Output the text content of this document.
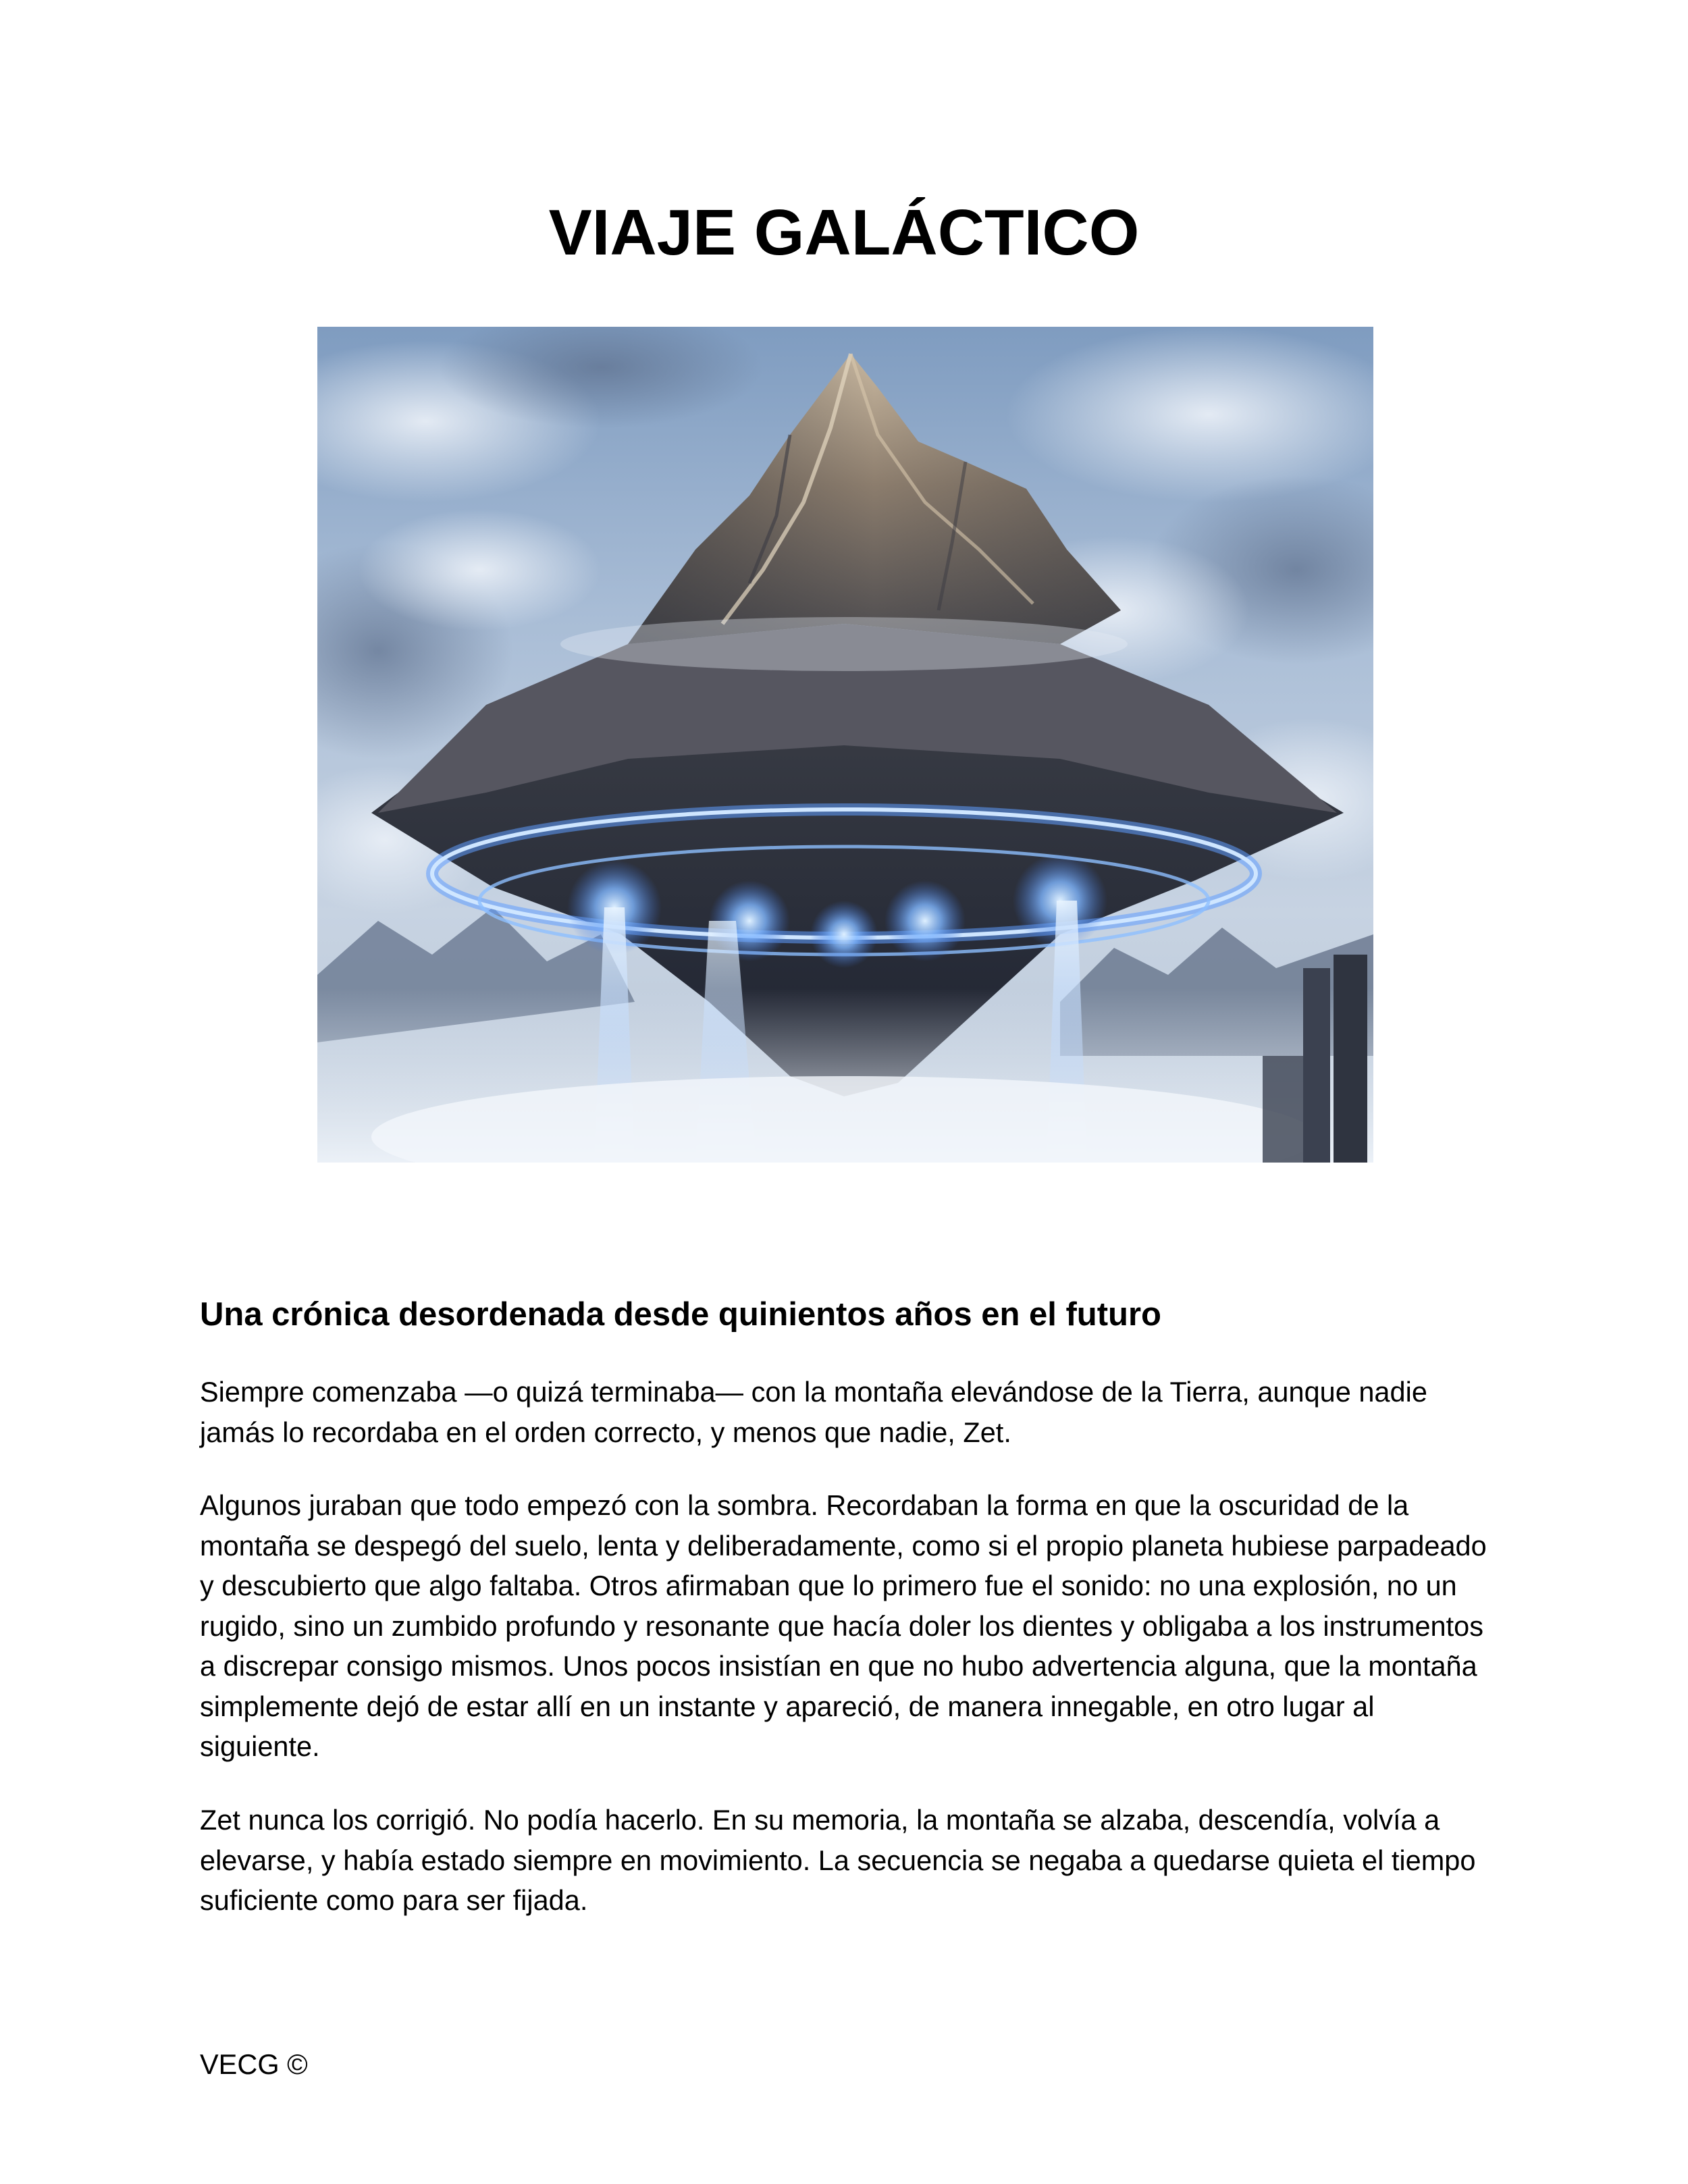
VIAJE GALÁCTICO
Una crónica desordenada desde quinientos años en el futuro

Siempre comenzaba —o quizá terminaba— con la montaña elevándose de la Tierra, aunque nadie jamás lo recordaba en el orden correcto, y menos que nadie, Zet.

Algunos juraban que todo empezó con la sombra. Recordaban la forma en que la oscuridad de la montaña se despegó del suelo, lenta y deliberadamente, como si el propio planeta hubiese parpadeado y descubierto que algo faltaba. Otros afirmaban que lo primero fue el sonido: no una explosión, no un rugido, sino un zumbido profundo y resonante que hacía doler los dientes y obligaba a los instrumentos a discrepar consigo mismos. Unos pocos insistían en que no hubo advertencia alguna, que la montaña simplemente dejó de estar allí en un instante y apareció, de manera innegable, en otro lugar al siguiente.

Zet nunca los corrigió. No podía hacerlo. En su memoria, la montaña se alzaba, descendía, volvía a elevarse, y había estado siempre en movimiento. La secuencia se negaba a quedarse quieta el tiempo suficiente como para ser fijada.

VECG ©
